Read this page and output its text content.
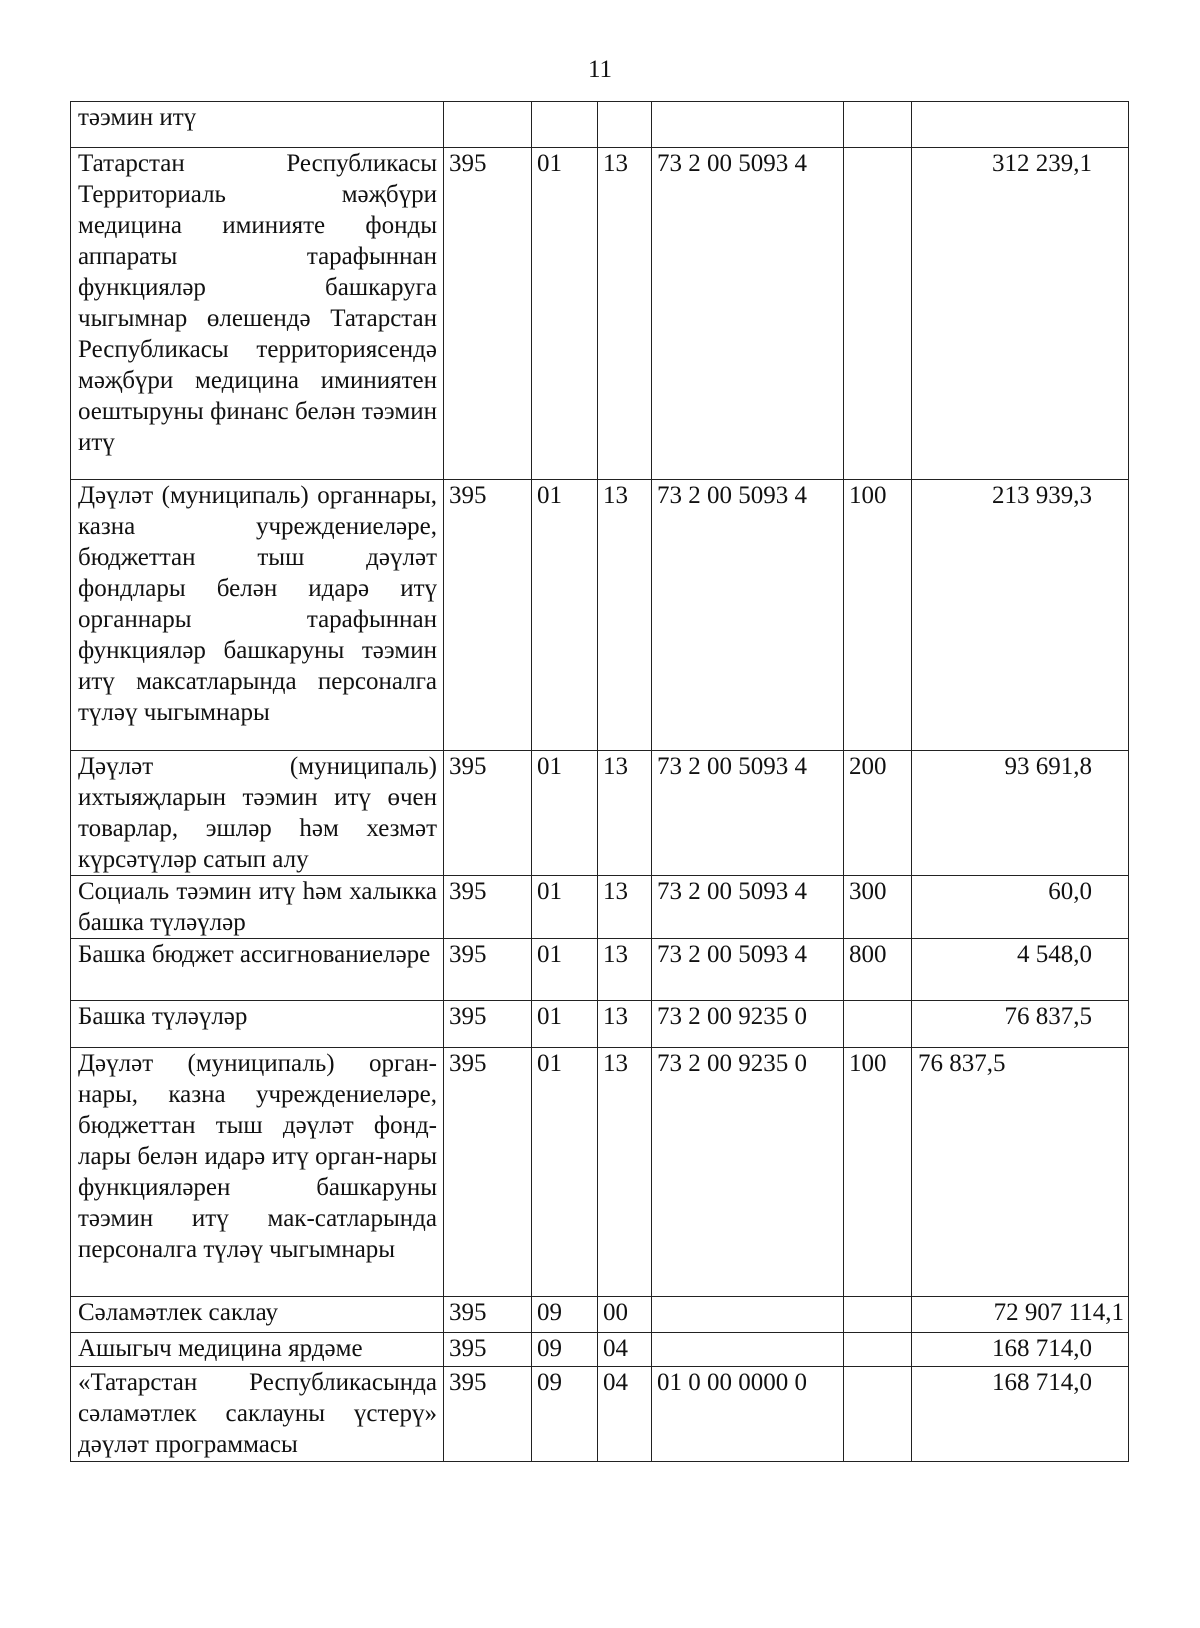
11
тәэмин итү						
Татарстан Республикасы Территориаль мәҗбүри медицина иминияте фонды аппараты тарафыннан функцияләр башкаруга чыгымнар өлешендә Татарстан Республикасы территориясендә мәҗбүри медицина иминиятен оештыруны финанс белән тәэмин итү	395	01	13	73 2 00 5093 4		312 239,1
Дәүләт (муниципаль) органнары, казна учреждениеләре, бюджеттан тыш дәүләт фондлары белән идарә итү органнары тарафыннан функцияләр башкаруны тәэмин итү максатларында персоналга түләү чыгымнары	395	01	13	73 2 00 5093 4	100	213 939,3
Дәүләт (муниципаль) ихтыяҗларын тәэмин итү өчен товарлар, эшләр һәм хезмәт күрсәтүләр сатып алу	395	01	13	73 2 00 5093 4	200	93 691,8
Социаль тәэмин итү һәм халыкка башка түләүләр	395	01	13	73 2 00 5093 4	300	60,0
Башка бюджет ассигнованиеләре	395	01	13	73 2 00 5093 4	800	4 548,0
Башка түләүләр	395	01	13	73 2 00 9235 0		76 837,5
Дәүләт (муниципаль) орган-нары, казна учреждениеләре, бюджеттан тыш дәүләт фонд-лары белән идарә итү орган-нары функцияләрен башкаруны тәэмин итү мак-сатларында персоналга түләү чыгымнары	395	01	13	73 2 00 9235 0	100	76 837,5
Сәламәтлек саклау	395	09	00			72 907 114,1
Ашыгыч медицина ярдәме	395	09	04			168 714,0
«Татарстан Республикасында сәламәтлек саклауны үстерү» дәүләт программасы	395	09	04	01 0 00 0000 0		168 714,0
